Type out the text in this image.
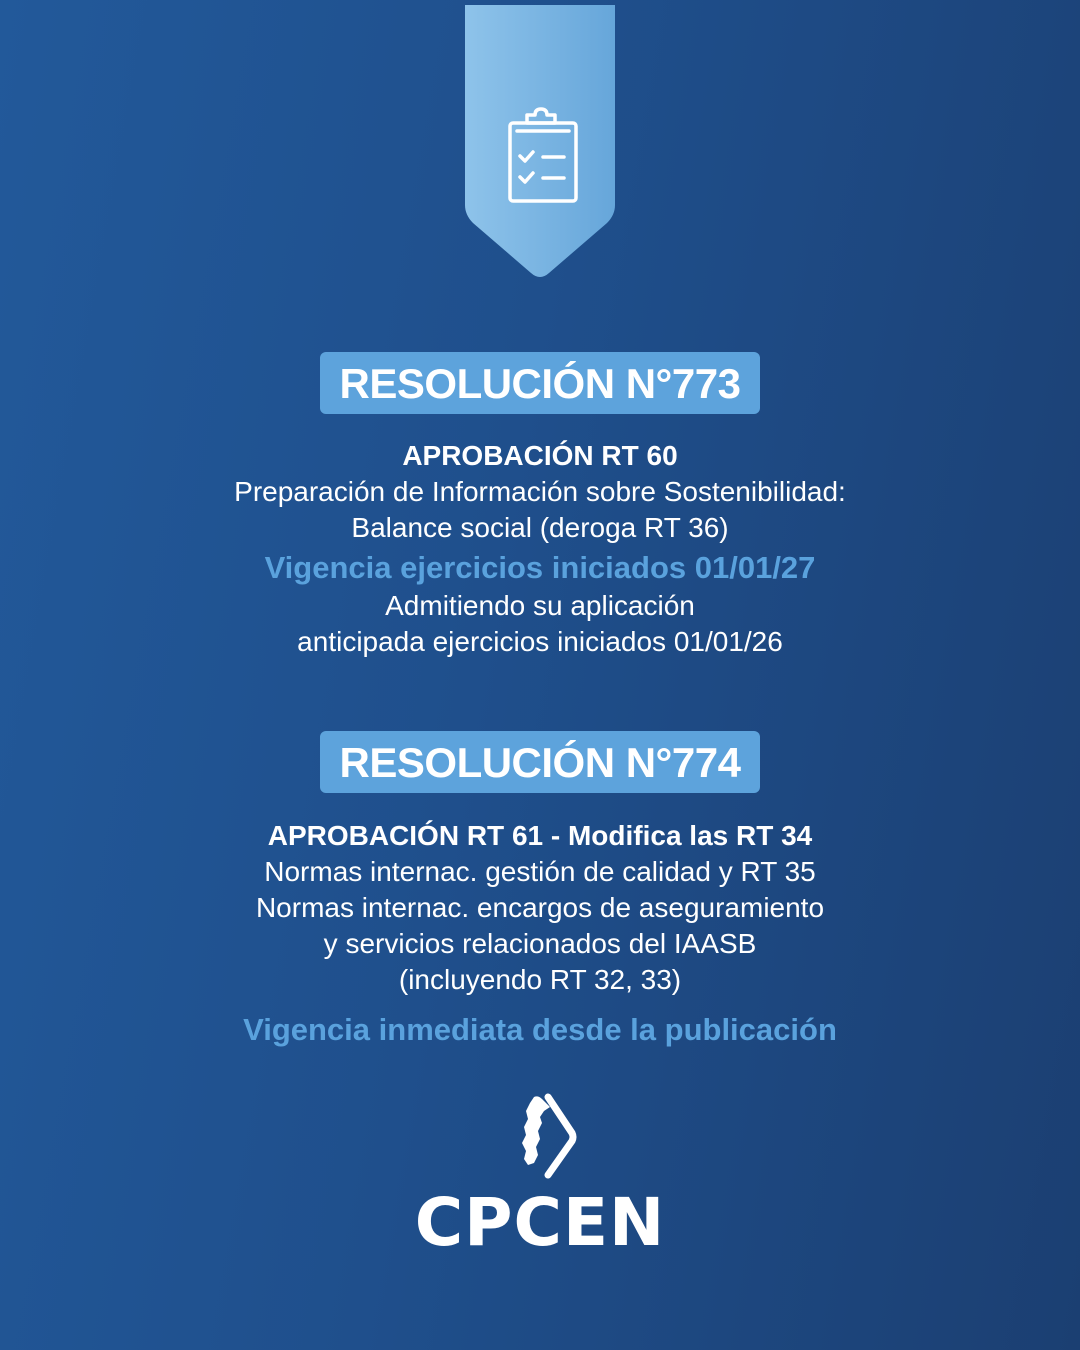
RESOLUCIÓN N°773
APROBACIÓN RT 60
Preparación de Información sobre Sostenibilidad:
Balance social (deroga RT 36)
Vigencia ejercicios iniciados 01/01/27
Admitiendo su aplicación
anticipada ejercicios iniciados 01/01/26
RESOLUCIÓN N°774
APROBACIÓN RT 61 - Modifica las RT 34
Normas internac. gestión de calidad y RT 35
Normas internac. encargos de aseguramiento
y servicios relacionados del IAASB
(incluyendo RT 32, 33)
Vigencia inmediata desde la publicación
CPCEN
